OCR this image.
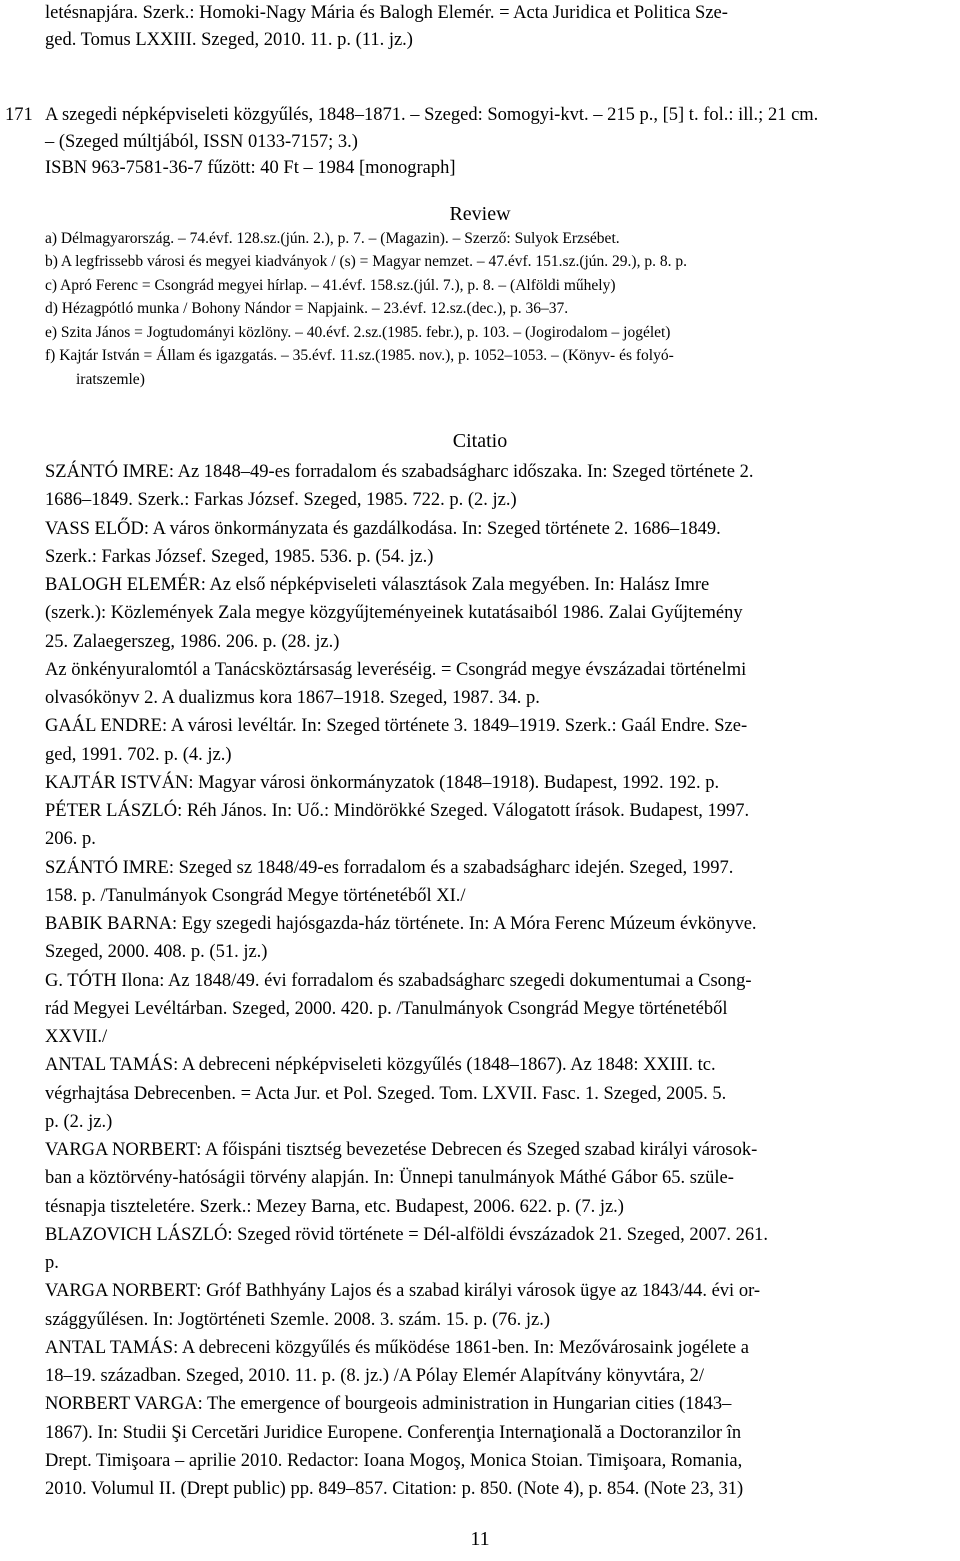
letésnapjára. Szerk.: Homoki-Nagy Mária és Balogh Elemér. = Acta Juridica et Politica Sze-
ged. Tomus LXXIII. Szeged, 2010. 11. p. (11. jz.)
171 A szegedi népképviseleti közgyűlés, 1848–1871. – Szeged: Somogyi-kvt. – 215 p., [5] t. fol.: ill.; 21 cm.
– (Szeged múltjából, ISSN 0133-7157; 3.)
ISBN 963-7581-36-7 fűzött: 40 Ft – 1984 [monograph]
Review
a) Délmagyarország. – 74.évf. 128.sz.(jún. 2.), p. 7. – (Magazin). – Szerző: Sulyok Erzsébet.
b) A legfrissebb városi és megyei kiadványok / (s) = Magyar nemzet. – 47.évf. 151.sz.(jún. 29.), p. 8. p.
c) Apró Ferenc = Csongrád megyei hírlap. – 41.évf. 158.sz.(júl. 7.), p. 8. – (Alföldi műhely)
d) Hézagpótló munka / Bohony Nándor = Napjaink. – 23.évf. 12.sz.(dec.), p. 36–37.
e) Szita János = Jogtudományi közlöny. – 40.évf. 2.sz.(1985. febr.), p. 103. – (Jogirodalom – jogélet)
f) Kajtár István = Állam és igazgatás. – 35.évf. 11.sz.(1985. nov.), p. 1052–1053. – (Könyv- és folyó-
iratszemle)
Citatio
SZÁNTÓ IMRE: Az 1848–49-es forradalom és szabadságharc időszaka. In: Szeged története 2.
1686–1849. Szerk.: Farkas József. Szeged, 1985. 722. p. (2. jz.)
VASS ELŐD: A város önkormányzata és gazdálkodása. In: Szeged története 2. 1686–1849.
Szerk.: Farkas József. Szeged, 1985. 536. p. (54. jz.)
BALOGH ELEMÉR: Az első népképviseleti választások Zala megyében. In: Halász Imre
(szerk.): Közlemények Zala megye közgyűjteményeinek kutatásaiból 1986. Zalai Gyűjtemény
25. Zalaegerszeg, 1986. 206. p. (28. jz.)
Az önkényuralomtól a Tanácsköztársaság leveréséig. = Csongrád megye évszázadai történelmi
olvasókönyv 2. A dualizmus kora 1867–1918. Szeged, 1987. 34. p.
GAÁL ENDRE: A városi levéltár. In: Szeged története 3. 1849–1919. Szerk.: Gaál Endre. Sze-
ged, 1991. 702. p. (4. jz.)
KAJTÁR ISTVÁN: Magyar városi önkormányzatok (1848–1918). Budapest, 1992. 192. p.
PÉTER LÁSZLÓ: Réh János. In: Uő.: Mindörökké Szeged. Válogatott írások. Budapest, 1997.
206. p.
SZÁNTÓ IMRE: Szeged sz 1848/49-es forradalom és a szabadságharc idején. Szeged, 1997.
158. p. /Tanulmányok Csongrád Megye történetéből XI./
BABIK BARNA: Egy szegedi hajósgazda-ház története. In: A Móra Ferenc Múzeum évkönyve.
Szeged, 2000. 408. p. (51. jz.)
G. TÓTH Ilona: Az 1848/49. évi forradalom és szabadságharc szegedi dokumentumai a Csong-
rád Megyei Levéltárban. Szeged, 2000. 420. p. /Tanulmányok Csongrád Megye történetéből
XXVII./
ANTAL TAMÁS: A debreceni népképviseleti közgyűlés (1848–1867). Az 1848: XXIII. tc.
végrhajtása Debrecenben. = Acta Jur. et Pol. Szeged. Tom. LXVII. Fasc. 1. Szeged, 2005. 5.
p. (2. jz.)
VARGA NORBERT: A főispáni tisztség bevezetése Debrecen és Szeged szabad királyi városok-
ban a köztörvény-hatóságii törvény alapján. In: Ünnepi tanulmányok Máthé Gábor 65. szüle-
tésnapja tiszteletére. Szerk.: Mezey Barna, etc. Budapest, 2006. 622. p. (7. jz.)
BLAZOVICH LÁSZLÓ: Szeged rövid története = Dél-alföldi évszázadok 21. Szeged, 2007. 261.
p.
VARGA NORBERT: Gróf Bathhyány Lajos és a szabad királyi városok ügye az 1843/44. évi or-
szággyűlésen. In: Jogtörténeti Szemle. 2008. 3. szám. 15. p. (76. jz.)
ANTAL TAMÁS: A debreceni közgyűlés és működése 1861-ben. In: Mezővárosaink jogélete a
18–19. században. Szeged, 2010. 11. p. (8. jz.) /A Pólay Elemér Alapítvány könyvtára, 2/
NORBERT VARGA: The emergence of bourgeois administration in Hungarian cities (1843–
1867). In: Studii Şi Cercetări Juridice Europene. Conferenţia Internaţională a Doctoranzilor în
Drept. Timişoara – aprilie 2010. Redactor: Ioana Mogoş, Monica Stoian. Timişoara, Romania,
2010. Volumul II. (Drept public) pp. 849–857. Citation: p. 850. (Note 4), p. 854. (Note 23, 31)
11
